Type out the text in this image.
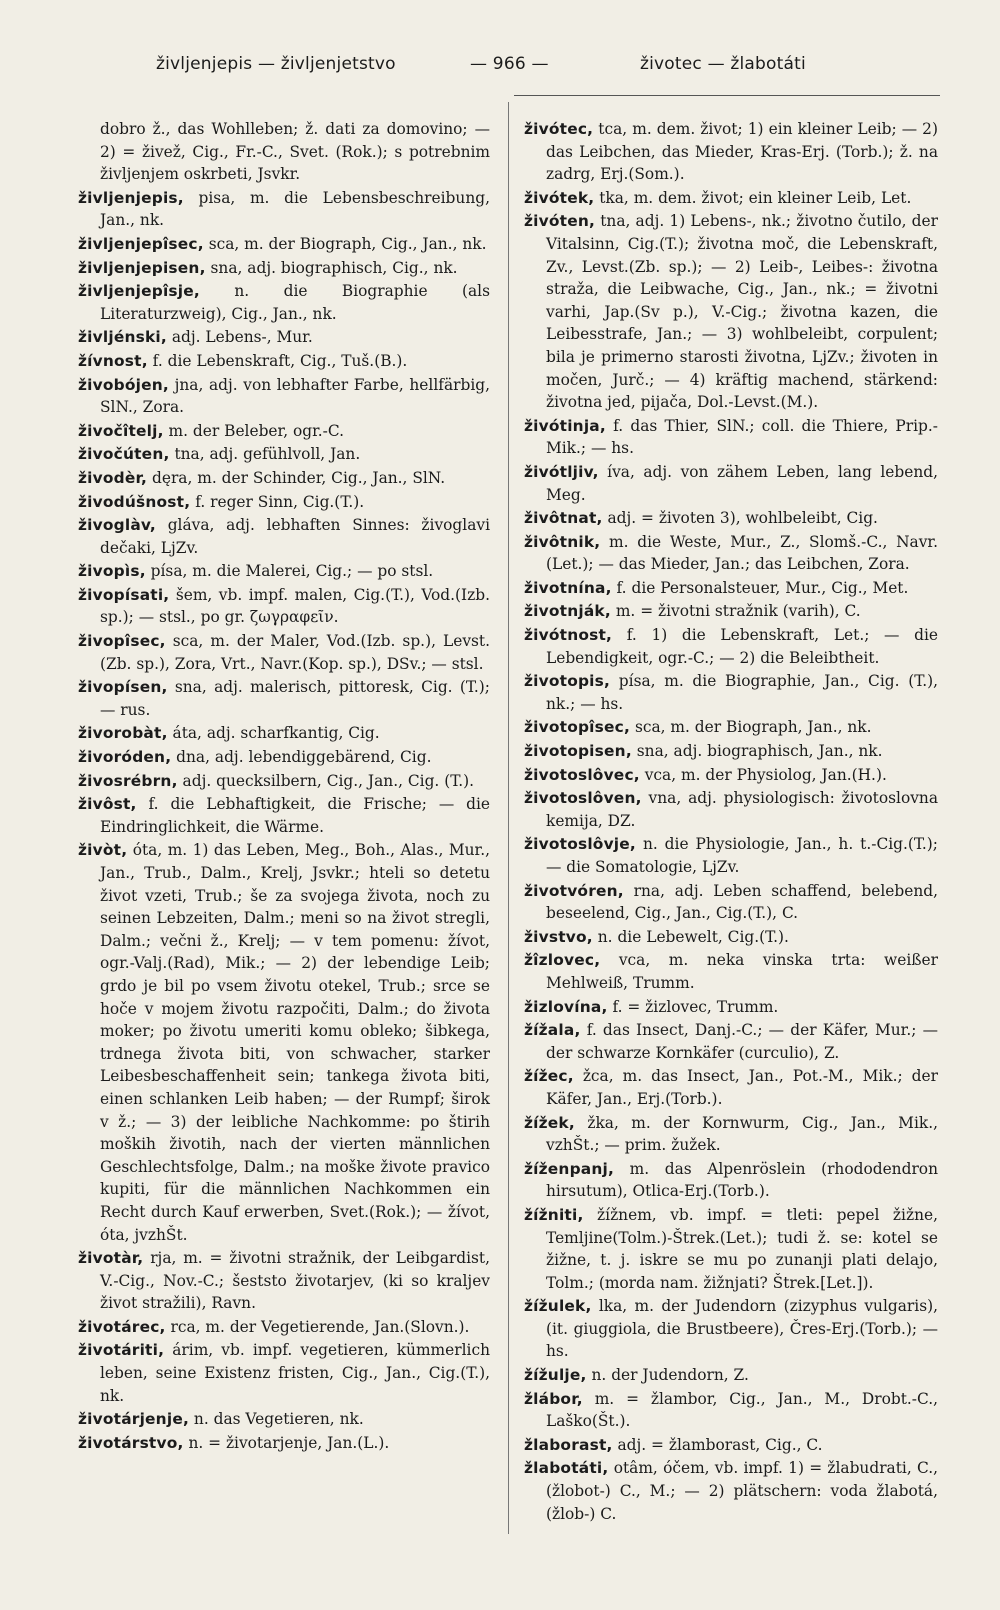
življenjepis — življenjetstvo	— 966 —	životec — žlabotáti
dobro ž., das Wohlleben; ž. dati za domovino; — 2) = živež, Cig., Fr.-C., Svet. (Rok.); s potrebnim življenjem oskrbeti, Jsvkr.
življenjepis, pisa, m. die Lebensbeschreibung, Jan., nk.
življenjepîsec, sca, m. der Biograph, Cig., Jan., nk.
življenjepisen, sna, adj. biographisch, Cig., nk.
življenjepîsje, n. die Biographie (als Literaturzweig), Cig., Jan., nk.
življénski, adj. Lebens-, Mur.
žívnost, f. die Lebenskraft, Cig., Tuš.(B.).
živobójen, jna, adj. von lebhafter Farbe, hellfärbig, SlN., Zora.
živočîtelj, m. der Beleber, ogr.-C.
živočúten, tna, adj. gefühlvoll, Jan.
živodèr, dęra, m. der Schinder, Cig., Jan., SlN.
živodúšnost, f. reger Sinn, Cig.(T.).
živoglàv, gláva, adj. lebhaften Sinnes: živoglavi dečaki, LjZv.
živopìs, písa, m. die Malerei, Cig.; — po stsl.
živopísati, šem, vb. impf. malen, Cig.(T.), Vod.(Izb. sp.); — stsl., po gr. ζωγραφεῖν.
živopîsec, sca, m. der Maler, Vod.(Izb. sp.), Levst.(Zb. sp.), Zora, Vrt., Navr.(Kop. sp.), DSv.; — stsl.
živopísen, sna, adj. malerisch, pittoresk, Cig. (T.); — rus.
živorobàt, áta, adj. scharfkantig, Cig.
živoróden, dna, adj. lebendiggebärend, Cig.
živosrébrn, adj. quecksilbern, Cig., Jan., Cig. (T.).
živôst, f. die Lebhaftigkeit, die Frische; — die Eindringlichkeit, die Wärme.
živòt, óta, m. 1) das Leben, Meg., Boh., Alas., Mur., Jan., Trub., Dalm., Krelj, Jsvkr.; hteli so detetu život vzeti, Trub.; še za svojega života, noch zu seinen Lebzeiten, Dalm.; meni so na život stregli, Dalm.; večni ž., Krelj; — v tem pomenu: žívot, ogr.-Valj.(Rad), Mik.; — 2) der lebendige Leib; grdo je bil po vsem životu otekel, Trub.; srce se hoče v mojem životu razpočiti, Dalm.; do života moker; po životu umeriti komu obleko; šibkega, trdnega života biti, von schwacher, starker Leibesbeschaffenheit sein; tankega života biti, einen schlanken Leib haben; — der Rumpf; širok v ž.; — 3) der leibliche Nachkomme: po štirih moških životih, nach der vierten männlichen Geschlechtsfolge, Dalm.; na moške živote pravico kupiti, für die männlichen Nachkommen ein Recht durch Kauf erwerben, Svet.(Rok.); — žívot, óta, jvzhŠt.
životàr, rja, m. = životni stražnik, der Leibgardist, V.-Cig., Nov.-C.; šeststo životarjev, (ki so kraljev život stražili), Ravn.
životárec, rca, m. der Vegetierende, Jan.(Slovn.).
životáriti, árim, vb. impf. vegetieren, kümmerlich leben, seine Existenz fristen, Cig., Jan., Cig.(T.), nk.
životárjenje, n. das Vegetieren, nk.
životárstvo, n. = životarjenje, Jan.(L.).
živótec, tca, m. dem. život; 1) ein kleiner Leib; — 2) das Leibchen, das Mieder, Kras-Erj. (Torb.); ž. na zadrg, Erj.(Som.).
živótek, tka, m. dem. život; ein kleiner Leib, Let.
živóten, tna, adj. 1) Lebens-, nk.; životno čutilo, der Vitalsinn, Cig.(T.); životna moč, die Lebenskraft, Zv., Levst.(Zb. sp.); — 2) Leib-, Leibes-: životna straža, die Leibwache, Cig., Jan., nk.; = životni varhi, Jap.(Sv p.), V.-Cig.; životna kazen, die Leibesstrafe, Jan.; — 3) wohlbeleibt, corpulent; bila je primerno starosti životna, LjZv.; životen in močen, Jurč.; — 4) kräftig machend, stärkend: životna jed, pijača, Dol.-Levst.(M.).
živótinja, f. das Thier, SlN.; coll. die Thiere, Prip.-Mik.; — hs.
živótljiv, íva, adj. von zähem Leben, lang lebend, Meg.
živôtnat, adj. = životen 3), wohlbeleibt, Cig.
živôtnik, m. die Weste, Mur., Z., Slomš.-C., Navr.(Let.); — das Mieder, Jan.; das Leibchen, Zora.
životnína, f. die Personalsteuer, Mur., Cig., Met.
životnják, m. = životni stražnik (varih), C.
živótnost, f. 1) die Lebenskraft, Let.; — die Lebendigkeit, ogr.-C.; — 2) die Beleibtheit.
životopis, písa, m. die Biographie, Jan., Cig. (T.), nk.; — hs.
životopîsec, sca, m. der Biograph, Jan., nk.
životopisen, sna, adj. biographisch, Jan., nk.
životoslôvec, vca, m. der Physiolog, Jan.(H.).
životoslôven, vna, adj. physiologisch: životoslovna kemija, DZ.
životoslôvje, n. die Physiologie, Jan., h. t.-Cig.(T.); — die Somatologie, LjZv.
životvóren, rna, adj. Leben schaffend, belebend, beseelend, Cig., Jan., Cig.(T.), C.
živstvo, n. die Lebewelt, Cig.(T.).
žîzlovec, vca, m. neka vinska trta: weißer Mehlweiß, Trumm.
žizlovína, f. = žizlovec, Trumm.
žížala, f. das Insect, Danj.-C.; — der Käfer, Mur.; — der schwarze Kornkäfer (curculio), Z.
žížec, žca, m. das Insect, Jan., Pot.-M., Mik.; der Käfer, Jan., Erj.(Torb.).
žížek, žka, m. der Kornwurm, Cig., Jan., Mik., vzhŠt.; — prim. žužek.
žíženpanj, m. das Alpenröslein (rhododendron hirsutum), Otlica-Erj.(Torb.).
žížniti, žížnem, vb. impf. = tleti: pepel žižne, Temljine(Tolm.)-Štrek.(Let.); tudi ž. se: kotel se žižne, t. j. iskre se mu po zunanji plati delajo, Tolm.; (morda nam. žižnjati? Štrek.[Let.]).
žížulek, lka, m. der Judendorn (zizyphus vulgaris), (it. giuggiola, die Brustbeere), Čres-Erj.(Torb.); — hs.
žížulje, n. der Judendorn, Z.
žlábor, m. = žlambor, Cig., Jan., M., Drobt.-C., Laško(Št.).
žlaborast, adj. = žlamborast, Cig., C.
žlabotáti, otâm, óčem, vb. impf. 1) = žlabudrati, C., (žlobot-) C., M.; — 2) plätschern: voda žlabotá, (žlob-) C.
